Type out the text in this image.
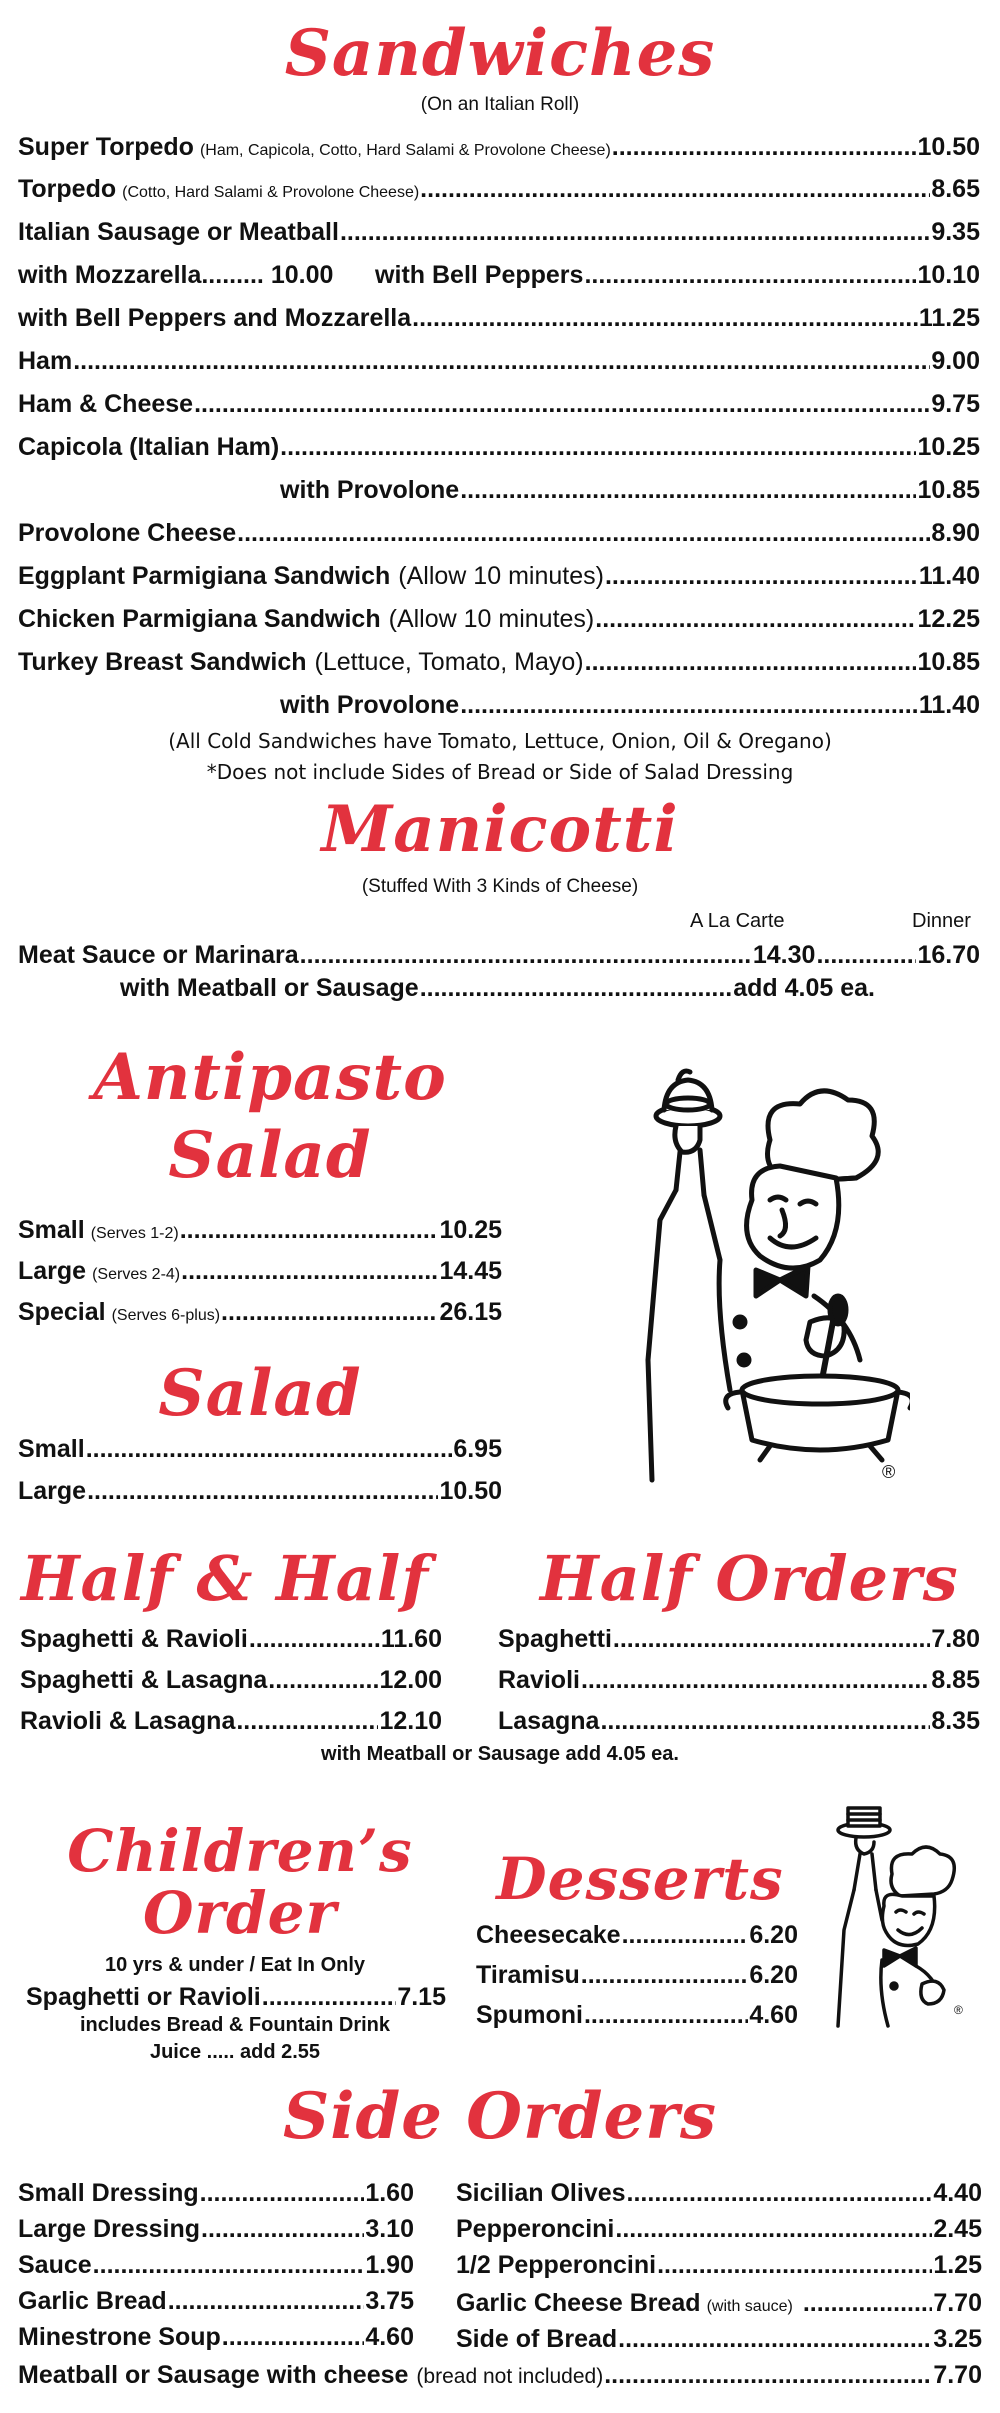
Sandwiches
(On an Italian Roll)
Super Torpedo (Ham, Capicola, Cotto, Hard Salami & Provolone Cheese) .....	10.50
Torpedo (Cotto, Hard Salami & Provolone Cheese) .....	8.65
Italian Sausage or Meatball .....	9.35
with Mozzarella......... 10.00      with Bell Peppers .....	10.10
with Bell Peppers and Mozzarella .....	11.25
Ham .....	9.00
Ham & Cheese .....	9.75
Capicola (Italian Ham) .....	10.25
with Provolone .....	10.85
Provolone Cheese .....	8.90
Eggplant Parmigiana Sandwich (Allow 10 minutes) .....	11.40
Chicken Parmigiana Sandwich (Allow 10 minutes) .....	12.25
Turkey Breast Sandwich (Lettuce, Tomato, Mayo) .....	10.85
with Provolone .....	11.40
(All Cold Sandwiches have Tomato, Lettuce, Onion, Oil & Oregano)
*Does not include Sides of Bread or Side of Salad Dressing
Manicotti
(Stuffed With 3 Kinds of Cheese)
A La Carte	Dinner
Meat Sauce or Marinara .....	14.30 .....	16.70
with Meatball or Sausage .....	add 4.05 ea.
Antipasto
Salad
Small (Serves 1-2) .....	10.25
Large (Serves 2-4) .....	14.45
Special (Serves 6-plus) .....	26.15
Salad
Small .....	6.95
Large .....	10.50
®
Half & Half
Spaghetti & Ravioli .....	11.60
Spaghetti & Lasagna .....	12.00
Ravioli & Lasagna .....	12.10
Half Orders
Spaghetti .....	7.80
Ravioli .....	8.85
Lasagna .....	8.35
with Meatball or Sausage add 4.05 ea.
Children’s
Order
10 yrs & under / Eat In Only
Spaghetti or Ravioli .....	7.15
includes Bread & Fountain Drink
Juice ..... add 2.55
Desserts
Cheesecake .....	6.20
Tiramisu .....	6.20
Spumoni .....	4.60	®
Side Orders
Small Dressing .....	1.60
Large Dressing .....	3.10
Sauce .....	1.90
Garlic Bread .....	3.75
Minestrone Soup .....	4.60
Sicilian Olives .....	4.40
Pepperoncini .....	2.45
1/2 Pepperoncini .....	1.25
Garlic Cheese Bread (with sauce) .....	7.70
Side of Bread .....	3.25
Meatball or Sausage with cheese (bread not included) .....	7.70
